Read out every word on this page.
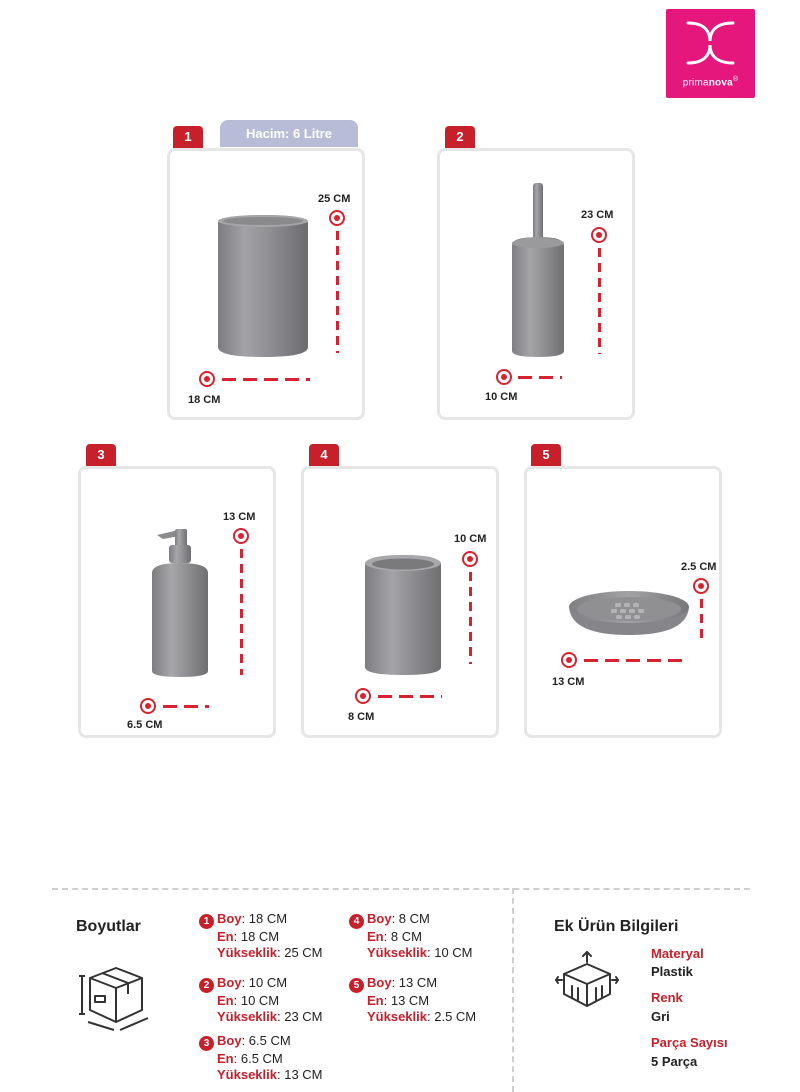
primanova®
1	Hacim: 6 Litre
25 CM
18 CM
2
23 CM
10 CM
3
13 CM
6.5 CM
4
10 CM
8 CM
5
2.5 CM
13 CM
Boyutlar	1 Boy: 18 CM
En: 18 CM
Yükseklik: 25 CM
2 Boy: 10 CM
En: 10 CM
Yükseklik: 23 CM
3 Boy: 6.5 CM
En: 6.5 CM
Yükseklik: 13 CM
4 Boy: 8 CM
En: 8 CM
Yükseklik: 10 CM
5 Boy: 13 CM
En: 13 CM
Yükseklik: 2.5 CM
Ek Ürün Bilgileri
Materyal
Plastik
Renk
Gri
Parça Sayısı
5 Parça
